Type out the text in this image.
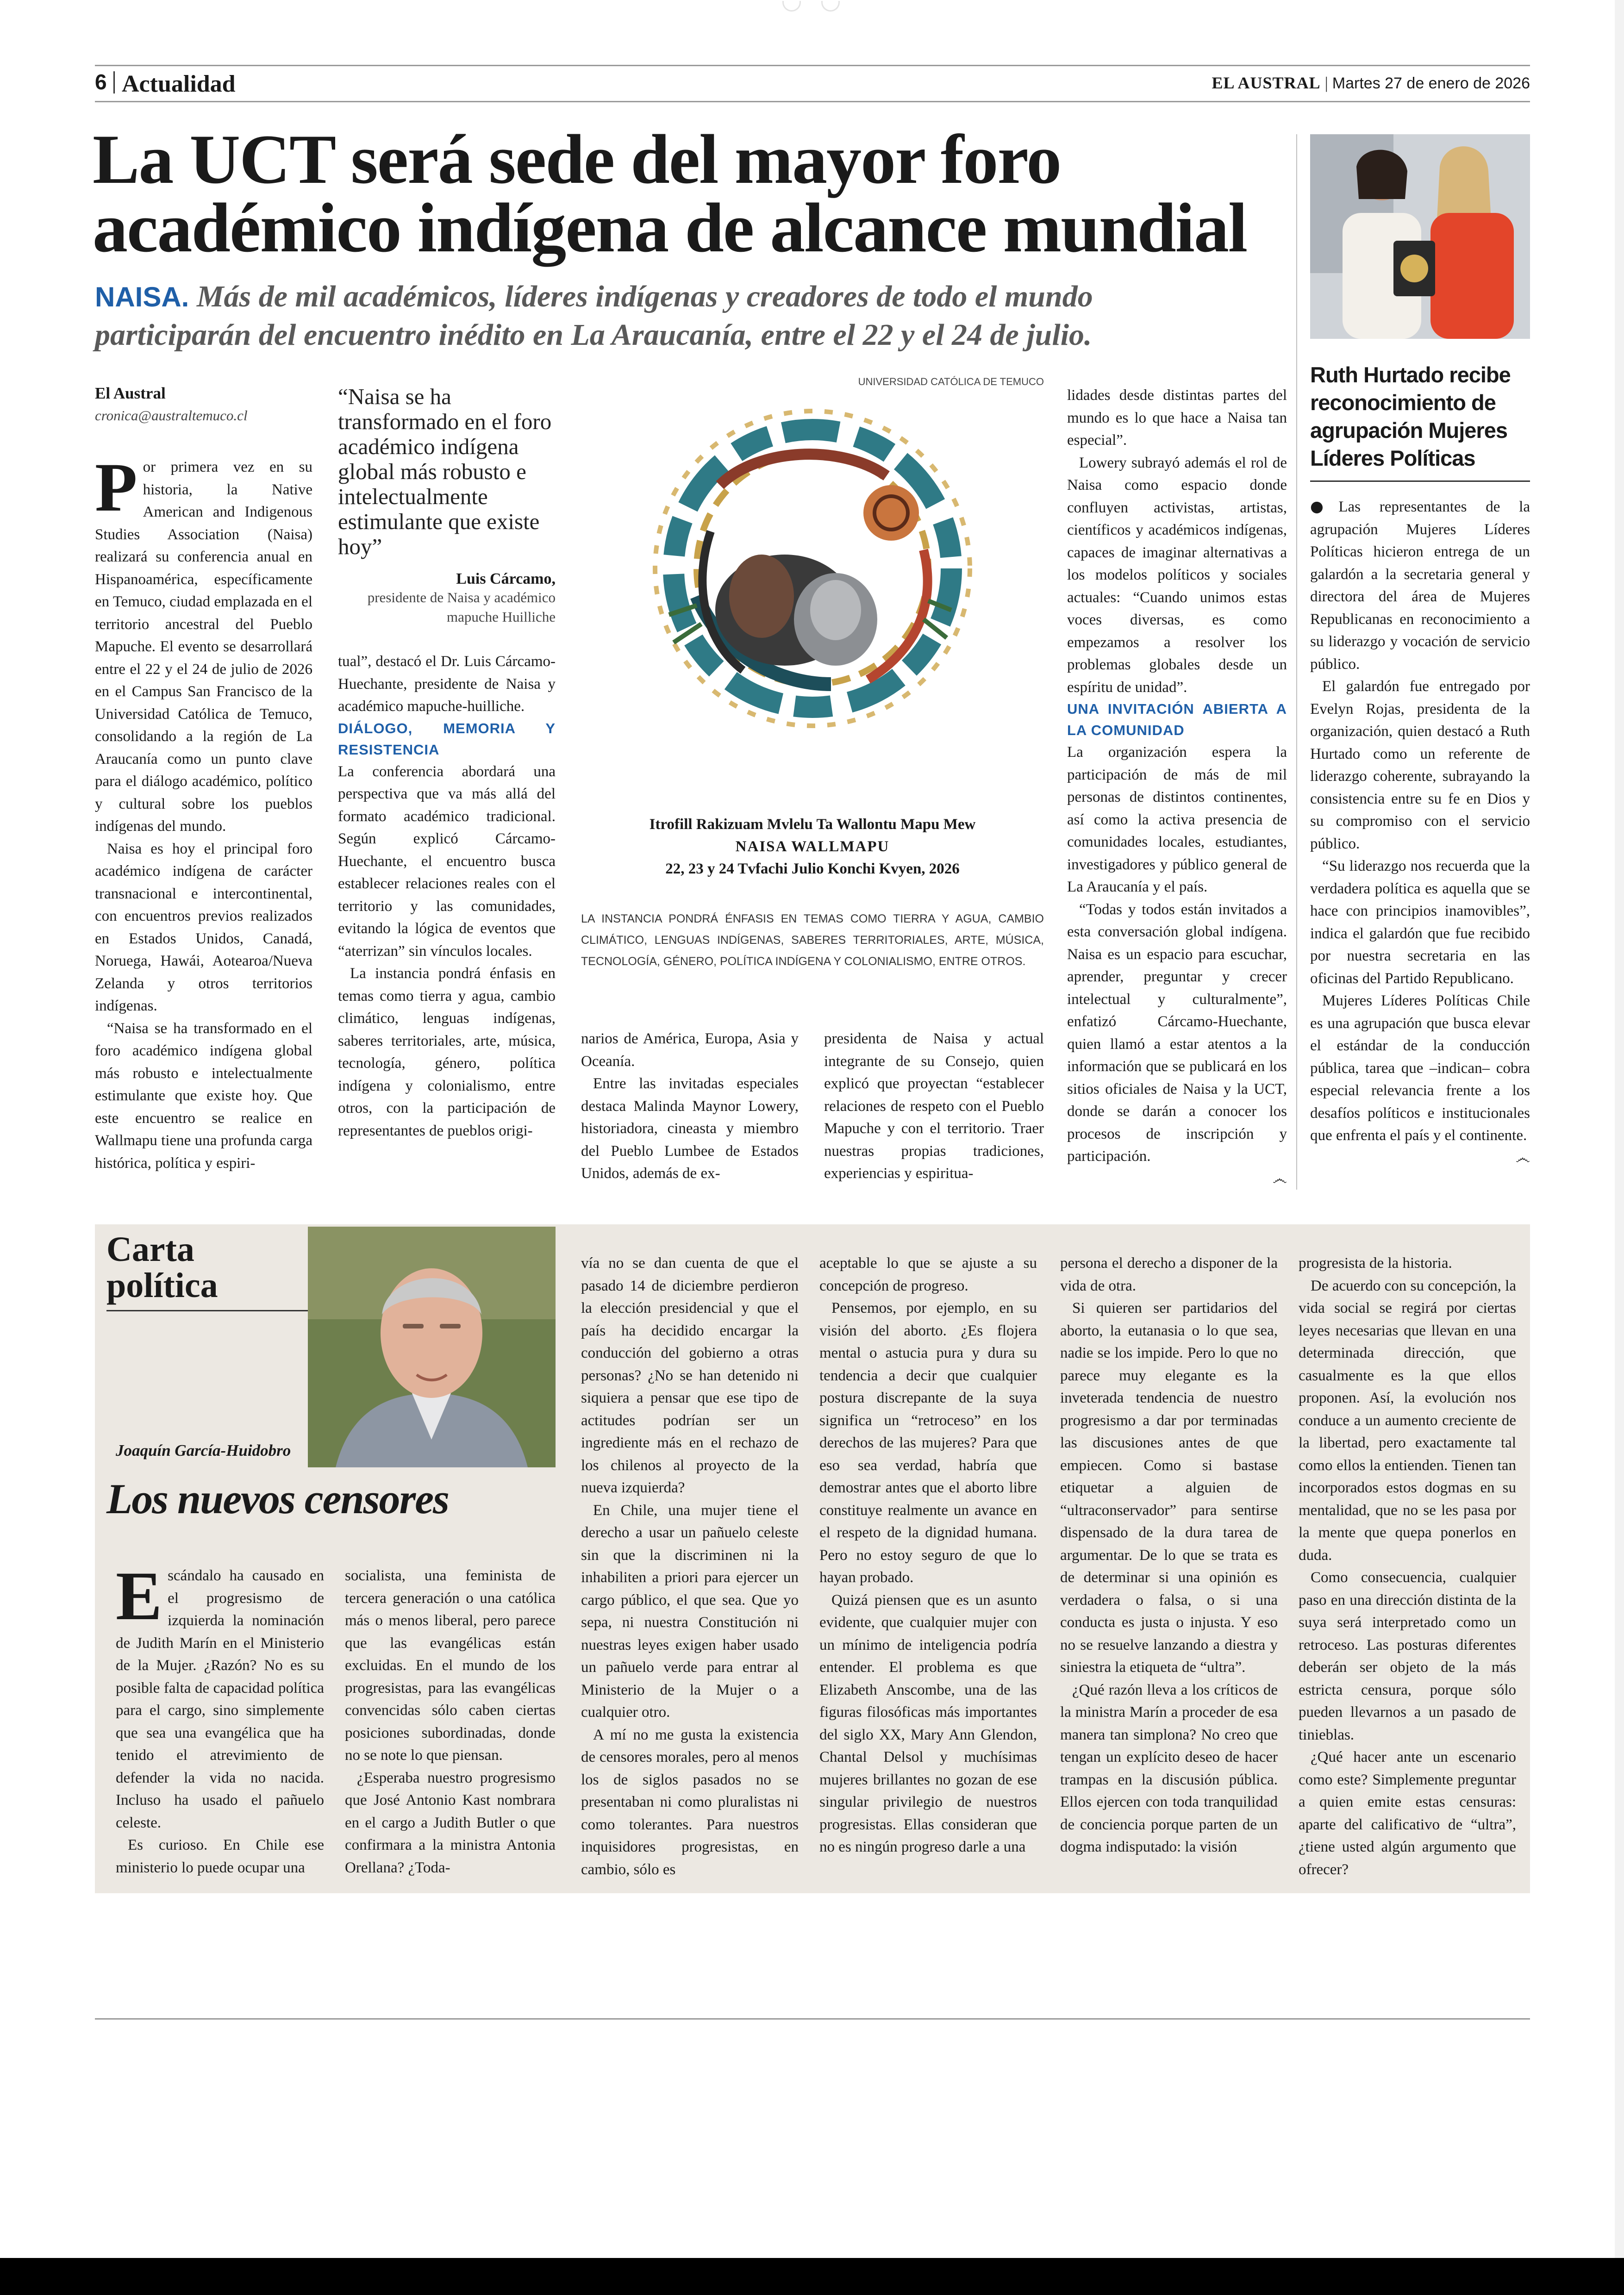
6 Actualidad	EL AUSTRAL | Martes 27 de enero de 2026
La UCT será sede del mayor foro
académico indígena de alcance mundial
NAISA. Más de mil académicos, líderes indígenas y creadores de todo el mundo
participarán del encuentro inédito en La Araucanía, entre el 22 y el 24 de julio.
El Austral
cronica@australtemuco.cl

Por primera vez en su historia, la Native American and Indigenous Studies Association (Naisa) realizará su conferencia anual en Hispanoamérica, específicamente en Temuco, ciudad emplazada en el territorio ancestral del Pueblo Mapuche. El evento se desarrollará entre el 22 y el 24 de julio de 2026 en el Campus San Francisco de la Universidad Católica de Temuco, consolidando a la región de La Araucanía como un punto clave para el diálogo académico, político y cultural sobre los pueblos indígenas del mundo.

Naisa es hoy el principal foro académico indígena de carácter transnacional e intercontinental, con encuentros previos realizados en Estados Unidos, Canadá, Noruega, Hawái, Aotearoa/Nueva Zelanda y otros territorios indígenas.

“Naisa se ha transformado en el foro académico indígena global más robusto e intelectualmente estimulante que existe hoy. Que este encuentro se realice en Wallmapu tiene una profunda carga histórica, política y espiri-

“Naisa se ha transformado en el foro académico indígena global más robusto e intelectualmente estimulante que existe hoy”
Luis Cárcamo,
presidente de Naisa y académico mapuche Huilliche

tual”, destacó el Dr. Luis Cárcamo-Huechante, presidente de Naisa y académico mapuche-huilliche.

DIÁLOGO, MEMORIA Y RESISTENCIA

La conferencia abordará una perspectiva que va más allá del formato académico tradicional. Según explicó Cárcamo-Huechante, el encuentro busca establecer relaciones reales con el territorio y las comunidades, evitando la lógica de eventos que “aterrizan” sin vínculos locales.

La instancia pondrá énfasis en temas como tierra y agua, cambio climático, lenguas indígenas, saberes territoriales, arte, música, tecnología, género, política indígena y colonialismo, entre otros, con la participación de representantes de pueblos origi-

UNIVERSIDAD CATÓLICA DE TEMUCO
Itrofill Rakizuam Mvlelu Ta Wallontu Mapu Mew
NAISA WALLMAPU
22, 23 y 24 Tvfachi Julio Konchi Kvyen, 2026
LA INSTANCIA PONDRÁ ÉNFASIS EN TEMAS COMO TIERRA Y AGUA, CAMBIO CLIMÁTICO, LENGUAS INDÍGENAS, SABERES TERRITORIALES, ARTE, MÚSICA, TECNOLOGÍA, GÉNERO, POLÍTICA INDÍGENA Y COLONIALISMO, ENTRE OTROS.

narios de América, Europa, Asia y Oceanía.

Entre las invitadas especiales destaca Malinda Maynor Lowery, historiadora, cineasta y miembro del Pueblo Lumbee de Estados Unidos, además de ex-

presidenta de Naisa y actual integrante de su Consejo, quien explicó que proyectan “establecer relaciones de respeto con el Pueblo Mapuche y con el territorio. Traer nuestras propias tradiciones, experiencias y espiritua-

lidades desde distintas partes del mundo es lo que hace a Naisa tan especial”.

Lowery subrayó además el rol de Naisa como espacio donde confluyen activistas, artistas, científicos y académicos indígenas, capaces de imaginar alternativas a los modelos políticos y sociales actuales: “Cuando unimos estas voces diversas, es como empezamos a resolver los problemas globales desde un espíritu de unidad”.

UNA INVITACIÓN ABIERTA A LA COMUNIDAD

La organización espera la participación de más de mil personas de distintos continentes, así como la activa presencia de comunidades locales, estudiantes, investigadores y público general de La Araucanía y el país.

“Todas y todos están invitados a esta conversación global indígena. Naisa es un espacio para escuchar, aprender, preguntar y crecer intelectual y culturalmente”, enfatizó Cárcamo-Huechante, quien llamó a estar atentos a la información que se publicará en los sitios oficiales de Naisa y la UCT, donde se darán a conocer los procesos de inscripción y participación.

෴

Ruth Hurtado recibe reconocimiento de agrupación Mujeres Líderes Políticas

●Las representantes de la agrupación Mujeres Líderes Políticas hicieron entrega de un galardón a la secretaria general y directora del área de Mujeres Republicanas en reconocimiento a su liderazgo y vocación de servicio público.

El galardón fue entregado por Evelyn Rojas, presidenta de la organización, quien destacó a Ruth Hurtado como un referente de liderazgo coherente, subrayando la consistencia entre su fe en Dios y su compromiso con el servicio público.

“Su liderazgo nos recuerda que la verdadera política es aquella que se hace con principios inamovibles”, indica el galardón que fue recibido por nuestra secretaria en las oficinas del Partido Republicano.

Mujeres Líderes Políticas Chile es una agrupación que busca elevar el estándar de la conducción pública, tarea que –indican– cobra especial relevancia frente a los desafíos políticos e institucionales que enfrenta el país y el continente.

෴

Carta
política
Joaquín García-Huidobro
Los nuevos censores

Escándalo ha causado en el progresismo de izquierda la nominación de Judith Marín en el Ministerio de la Mujer. ¿Razón? No es su posible falta de capacidad política para el cargo, sino simplemente que sea una evangélica que ha tenido el atrevimiento de defender la vida no nacida. Incluso ha usado el pañuelo celeste.

Es curioso. En Chile ese ministerio lo puede ocupar una

socialista, una feminista de tercera generación o una católica más o menos liberal, pero parece que las evangélicas están excluidas. En el mundo de los progresistas, para las evangélicas convencidas sólo caben ciertas posiciones subordinadas, donde no se note lo que piensan.

¿Esperaba nuestro progresismo que José Antonio Kast nombrara en el cargo a Judith Butler o que confirmara a la ministra Antonia Orellana? ¿Toda-

vía no se dan cuenta de que el pasado 14 de diciembre perdieron la elección presidencial y que el país ha decidido encargar la conducción del gobierno a otras personas? ¿No se han detenido ni siquiera a pensar que ese tipo de actitudes podrían ser un ingrediente más en el rechazo de los chilenos al proyecto de la nueva izquierda?

En Chile, una mujer tiene el derecho a usar un pañuelo celeste sin que la discriminen ni la inhabiliten a priori para ejercer un cargo público, el que sea. Que yo sepa, ni nuestra Constitución ni nuestras leyes exigen haber usado un pañuelo verde para entrar al Ministerio de la Mujer o a cualquier otro.

A mí no me gusta la existencia de censores morales, pero al menos los de siglos pasados no se presentaban ni como pluralistas ni como tolerantes. Para nuestros inquisidores progresistas, en cambio, sólo es

aceptable lo que se ajuste a su concepción de progreso.

Pensemos, por ejemplo, en su visión del aborto. ¿Es flojera mental o astucia pura y dura su tendencia a decir que cualquier postura discrepante de la suya significa un “retroceso” en los derechos de las mujeres? Para que eso sea verdad, habría que demostrar antes que el aborto libre constituye realmente un avance en el respeto de la dignidad humana. Pero no estoy seguro de que lo hayan probado.

Quizá piensen que es un asunto evidente, que cualquier mujer con un mínimo de inteligencia podría entender. El problema es que Elizabeth Anscombe, una de las figuras filosóficas más importantes del siglo XX, Mary Ann Glendon, Chantal Delsol y muchísimas mujeres brillantes no gozan de ese singular privilegio de nuestros progresistas. Ellas consideran que no es ningún progreso darle a una

persona el derecho a disponer de la vida de otra.

Si quieren ser partidarios del aborto, la eutanasia o lo que sea, nadie se los impide. Pero lo que no parece muy elegante es la inveterada tendencia de nuestro progresismo a dar por terminadas las discusiones antes de que empiecen. Como si bastase etiquetar a alguien de “ultraconservador” para sentirse dispensado de la dura tarea de argumentar. De lo que se trata es de determinar si una opinión es verdadera o falsa, o si una conducta es justa o injusta. Y eso no se resuelve lanzando a diestra y siniestra la etiqueta de “ultra”.

¿Qué razón lleva a los críticos de la ministra Marín a proceder de esa manera tan simplona? No creo que tengan un explícito deseo de hacer trampas en la discusión pública. Ellos ejercen con toda tranquilidad de conciencia porque parten de un dogma indisputado: la visión

progresista de la historia.

De acuerdo con su concepción, la vida social se regirá por ciertas leyes necesarias que llevan en una determinada dirección, que casualmente es la que ellos proponen. Así, la evolución nos conduce a un aumento creciente de la libertad, pero exactamente tal como ellos la entienden. Tienen tan incorporados estos dogmas en su mentalidad, que no se les pasa por la mente que quepa ponerlos en duda.

Como consecuencia, cualquier paso en una dirección distinta de la suya será interpretado como un retroceso. Las posturas diferentes deberán ser objeto de la más estricta censura, porque sólo pueden llevarnos a un pasado de tinieblas.

¿Qué hacer ante un escenario como este? Simplemente preguntar a quien emite estas censuras: aparte del calificativo de “ultra”, ¿tiene usted algún argumento que ofrecer?
